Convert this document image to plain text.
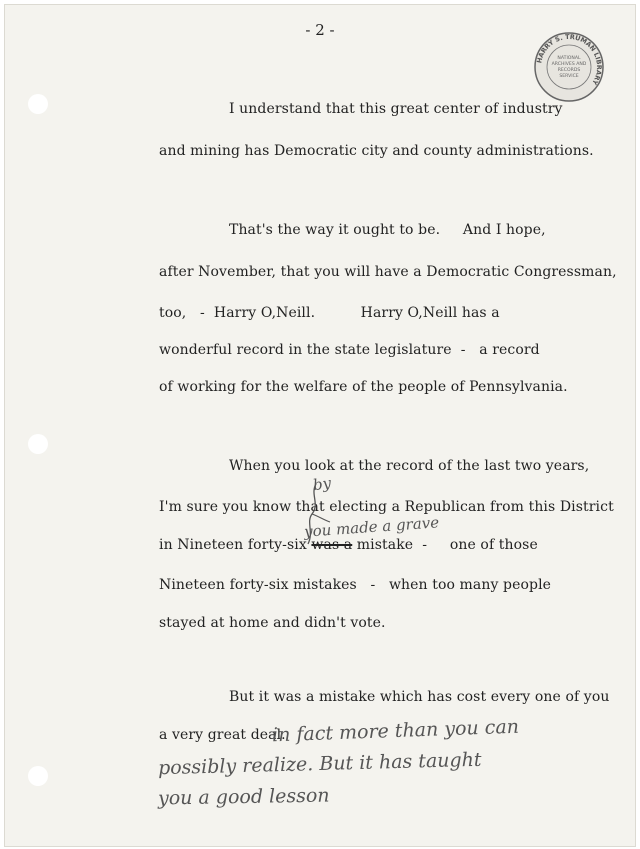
- 2 -
HARRY S. TRUMAN LIBRARY
NATIONAL
ARCHIVES AND
RECORDS
SERVICE
I understand that this great center of industry
and mining has Democratic city and county administrations.
That's the way it ought to be.     And I hope,
after November, that you will have a Democratic Congressman,
too,   -  Harry O,Neill.          Harry O,Neill has a
wonderful record in the state legislature  -   a record
of working for the welfare of the people of Pennsylvania.
When you look at the record of the last two years,
I'm sure you know that electing a Republican from this District
in Nineteen forty-six was a mistake  -     one of those
Nineteen forty-six mistakes   -   when too many people
stayed at home and didn't vote.
But it was a mistake which has cost every one of you
a very great deal.
by
you made a grave
in fact more than you can
possibly realize. But it has taught
you a good lesson
